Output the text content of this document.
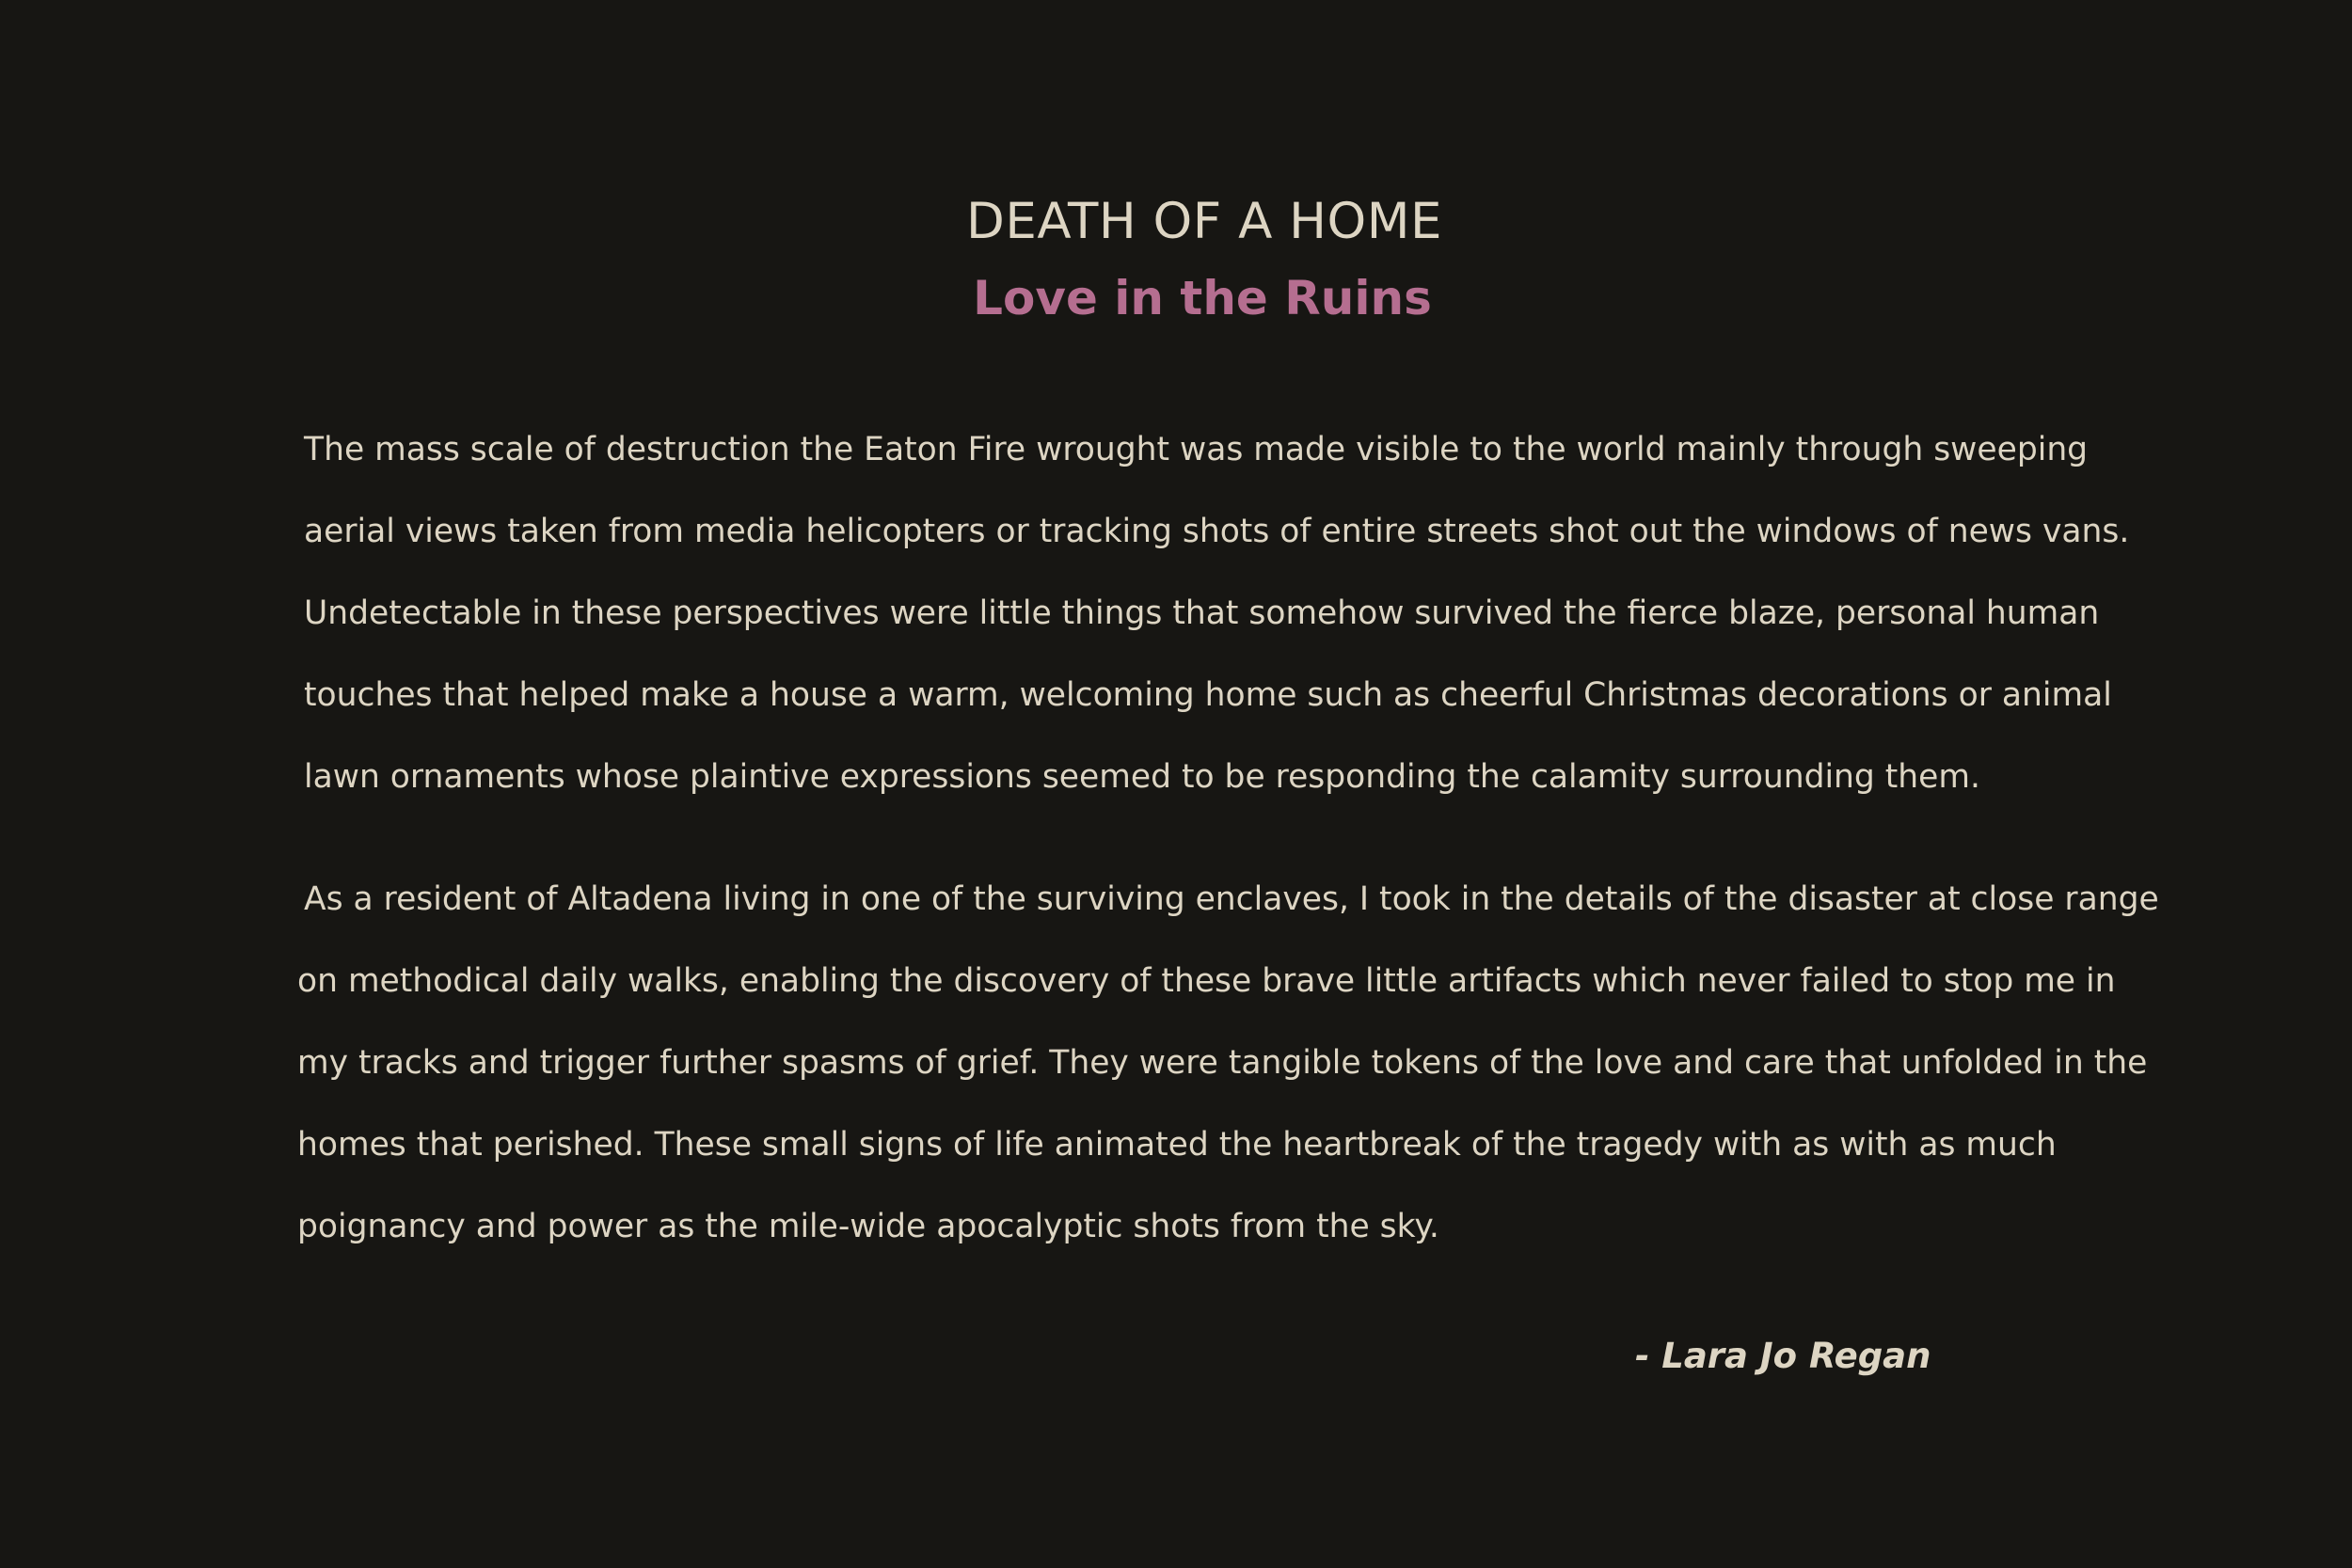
DEATH OF A HOME
Love in the Ruins
The mass scale of destruction the Eaton Fire wrought was made visible to the world mainly through sweeping
aerial views taken from media helicopters or tracking shots of entire streets shot out the windows of news vans.
Undetectable in these perspectives were little things that somehow survived the fierce blaze, personal human
touches that helped make a house a warm, welcoming home such as cheerful Christmas decorations or animal
lawn ornaments whose plaintive expressions seemed to be responding the calamity surrounding them.
As a resident of Altadena living in one of the surviving enclaves, I took in the details of the disaster at close range
on methodical daily walks, enabling the discovery of these brave little artifacts which never failed to stop me in
my tracks and trigger further spasms of grief. They were tangible tokens of the love and care that unfolded in the
homes that perished. These small signs of life animated the heartbreak of the tragedy with as with as much
poignancy and power as the mile-wide apocalyptic shots from the sky.

- Lara Jo Regan
